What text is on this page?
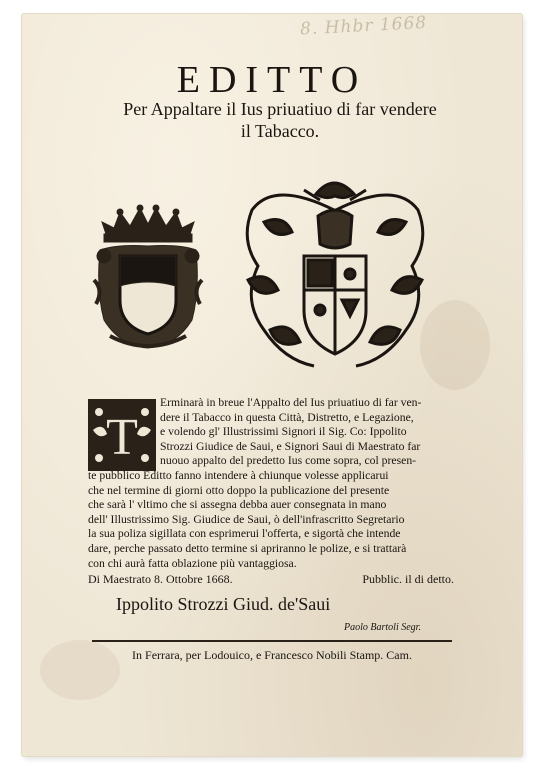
8. Hhbr 1668
EDITTO
Per Appaltare il Ius priuatiuo di far vendere
il Tabacco.
T
Erminarà in breue l'Appalto del Ius priuatiuo di far ven-
dere il Tabacco in questa Città, Distretto, e Legazione,
e volendo gl' Illustrissimi Signori il Sig. Co: Ippolito
Strozzi Giudice de Saui, e Signori Saui di Maestrato far
nuouo appalto del predetto Ius come sopra, col presen-
te pubblico Editto fanno intendere à chiunque volesse applicarui
che nel termine di giorni otto doppo la publicazione del presente
che sarà l' vltimo che si assegna debba auer consegnata in mano
dell' Illustrissimo Sig. Giudice de Saui, ò dell'infrascritto Segretario
la sua poliza sigillata con esprimerui l'offerta, e sigortà che intende
dare, perche passato detto termine si apriranno le polize, e si trattarà
con chi aurà fatta oblazione più vantaggiosa.
Di Maestrato 8. Ottobre 1668.	Pubblic. il di detto.
Ippolito Strozzi Giud. de'Saui
Paolo Bartoli Segr.
In Ferrara, per Lodouico, e Francesco Nobili Stamp. Cam.
